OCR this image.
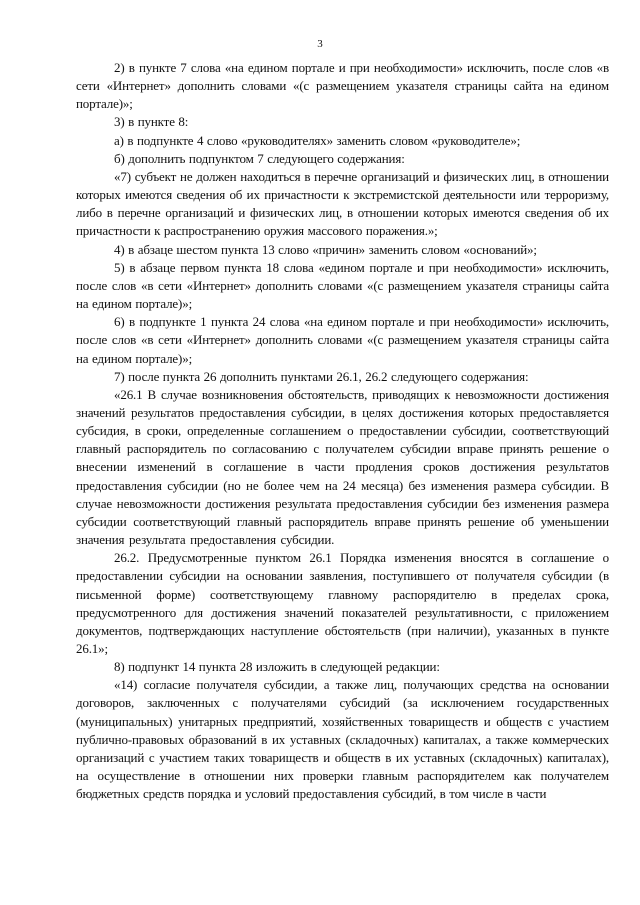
3

2) в пункте 7 слова «на едином портале и при необходимости» исключить, после слов «в сети «Интернет» дополнить словами «(с размещением указателя страницы сайта на едином портале)»;

3) в пункте 8:

а) в подпункте 4 слово «руководителях» заменить словом «руководителе»;

б) дополнить подпунктом 7 следующего содержания:

«7) субъект не должен находиться в перечне организаций и физических лиц, в отношении которых имеются сведения об их причастности к экстремистской деятельности или терроризму, либо в перечне организаций и физических лиц, в отношении которых имеются сведения об их причастности к распространению оружия массового поражения.»;

4) в абзаце шестом пункта 13 слово «причин» заменить словом «оснований»;

5) в абзаце первом пункта 18 слова «едином портале и при необходимости» исключить, после слов «в сети «Интернет» дополнить словами «(с размещением указателя страницы сайта на едином портале)»;

6) в подпункте 1 пункта 24 слова «на едином портале и при необходимости» исключить, после слов «в сети «Интернет» дополнить словами «(с размещением указателя страницы сайта на едином портале)»;

7) после пункта 26 дополнить пунктами 26.1, 26.2 следующего содержания:

«26.1 В случае возникновения обстоятельств, приводящих к невозможности достижения значений результатов предоставления субсидии, в целях достижения которых предоставляется субсидия, в сроки, определенные соглашением о предоставлении субсидии, соответствующий главный распорядитель по согласованию с получателем субсидии вправе принять решение о внесении изменений в соглашение в части продления сроков достижения результатов предоставления субсидии (но не более чем на 24 месяца) без изменения размера субсидии. В случае невозможности достижения результата предоставления субсидии без изменения размера субсидии соответствующий главный распорядитель вправе принять решение об уменьшении значения результата предоставления субсидии.

26.2. Предусмотренные пунктом 26.1 Порядка изменения вносятся в соглашение о предоставлении субсидии на основании заявления, поступившего от получателя субсидии (в письменной форме) соответствующему главному распорядителю в пределах срока, предусмотренного для достижения значений показателей результативности, с приложением документов, подтверждающих наступление обстоятельств (при наличии), указанных в пункте 26.1»;

8) подпункт 14 пункта 28 изложить в следующей редакции:

«14) согласие получателя субсидии, а также лиц, получающих средства на основании договоров, заключенных с получателями субсидий (за исключением государственных (муниципальных) унитарных предприятий, хозяйственных товариществ и обществ с участием публично-правовых образований в их уставных (складочных) капиталах, а также коммерческих организаций с участием таких товариществ и обществ в их уставных (складочных) капиталах), на осуществление в отношении них проверки главным распорядителем как получателем бюджетных средств порядка и условий предоставления субсидий, в том числе в части
